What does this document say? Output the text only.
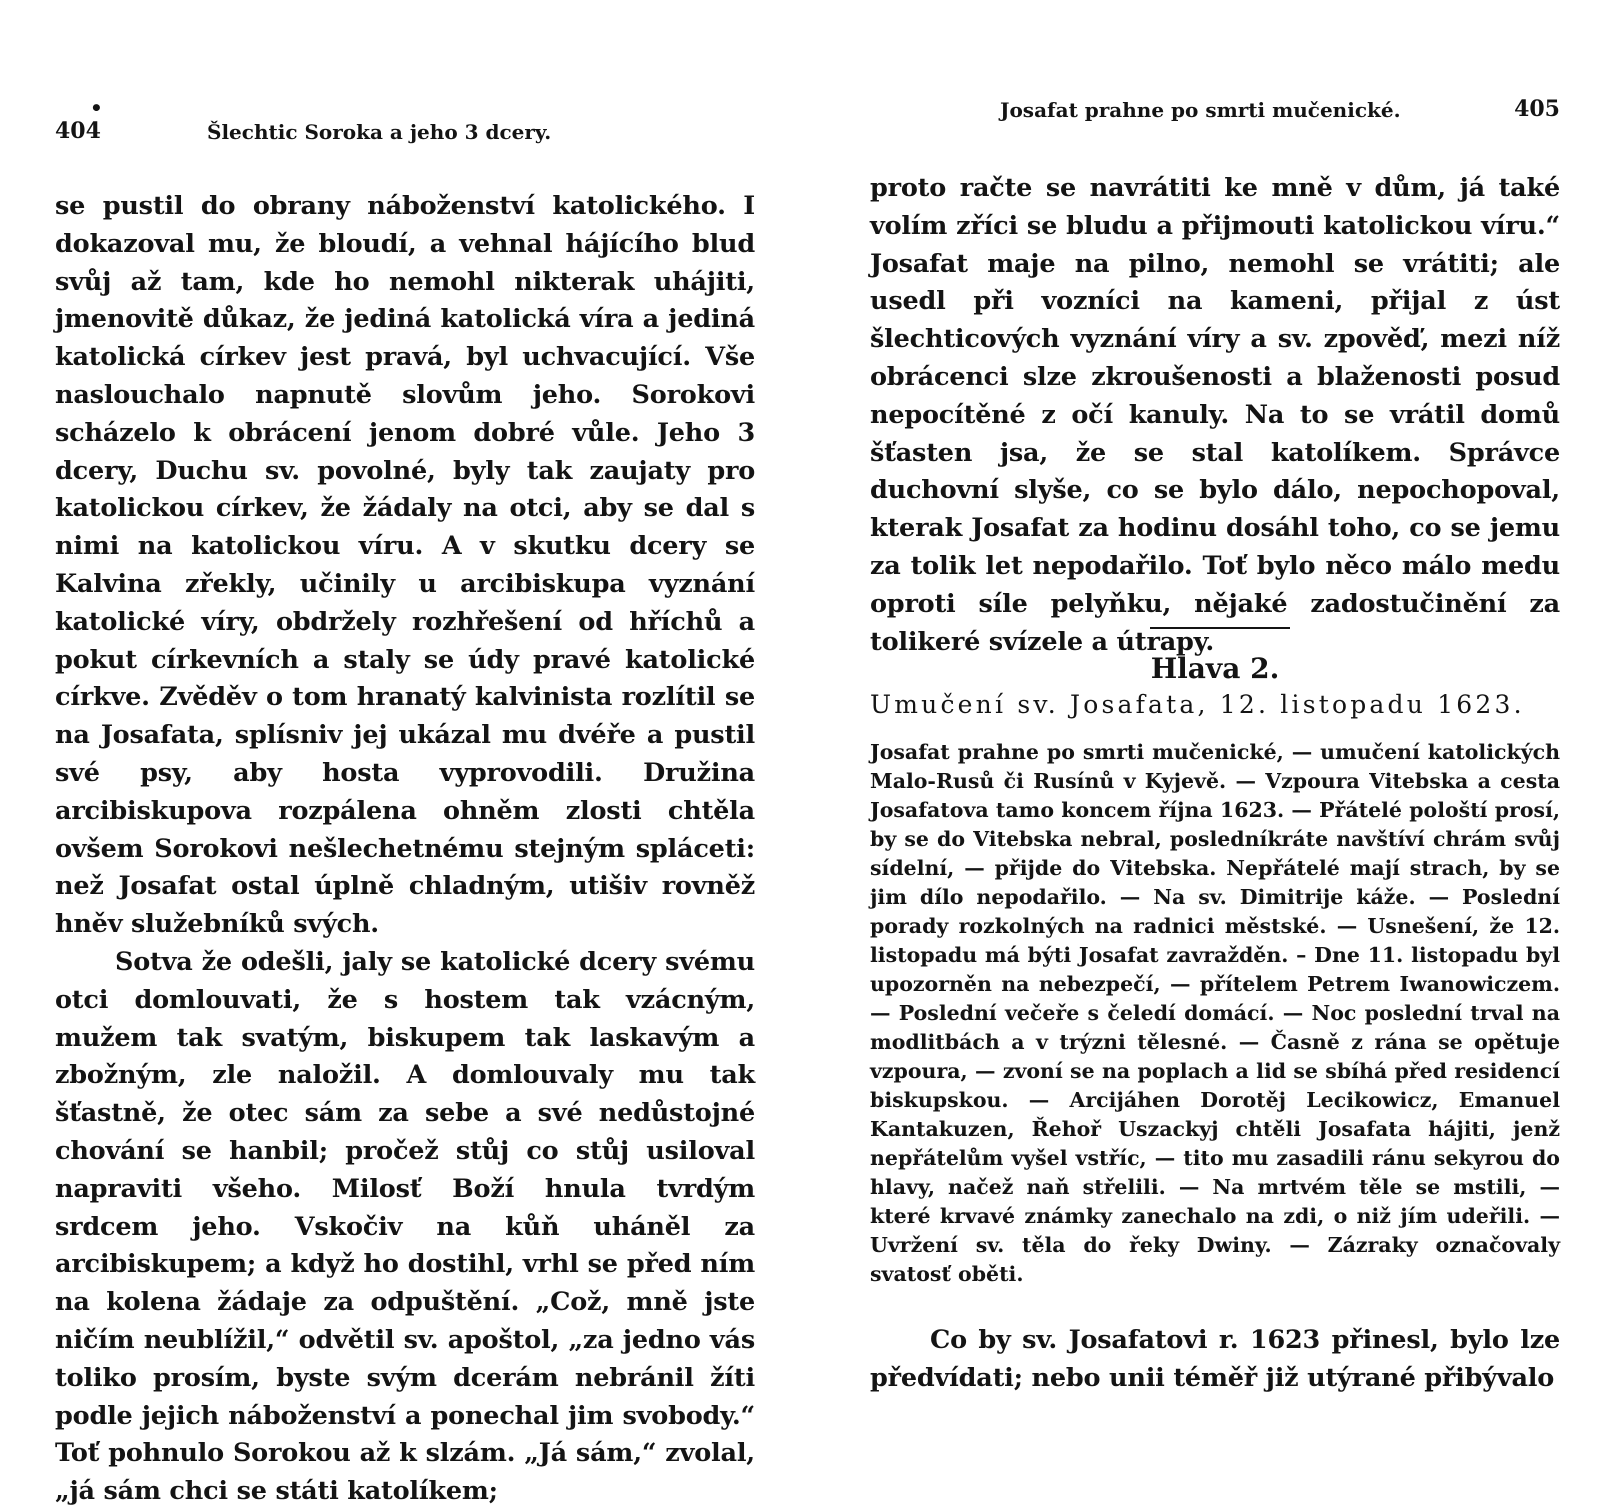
•
404	Šlechtic Soroka a jeho 3 dcery.

se pustil do obrany náboženství katolického. I dokazoval mu, že bloudí, a vehnal hájícího blud svůj až tam, kde ho nemohl nikterak uhájiti, jmenovitě důkaz, že jediná katolická víra a jediná katolická církev jest pravá, byl uchvacující. Vše naslouchalo napnutě slovům jeho. Sorokovi scházelo k obrácení jenom dobré vůle. Jeho 3 dcery, Duchu sv. povolné, byly tak zaujaty pro katolickou církev, že žádaly na otci, aby se dal s nimi na katolickou víru. A v skutku dcery se Kalvina zřekly, učinily u arcibiskupa vyznání katolické víry, obdržely rozhřešení od hříchů a pokut církevních a staly se údy pravé katolické církve. Zvěděv o tom hranatý kalvinista rozlítil se na Josafata, splísniv jej ukázal mu dvéře a pustil své psy, aby hosta vyprovodili. Družina arcibiskupova rozpálena ohněm zlosti chtěla ovšem Sorokovi nešlechetnému stejným spláceti: než Josafat ostal úplně chladným, utišiv rovněž hněv služebníků svých.

Sotva že odešli, jaly se katolické dcery svému otci domlouvati, že s hostem tak vzácným, mužem tak svatým, biskupem tak laskavým a zbožným, zle naložil. A domlouvaly mu tak šťastně, že otec sám za sebe a své nedůstojné chování se hanbil; pročež stůj co stůj usiloval napraviti všeho. Milosť Boží hnula tvrdým srdcem jeho. Vskočiv na kůň uháněl za arcibiskupem; a když ho dostihl, vrhl se před ním na kolena žádaje za odpuštění. „Což, mně jste ničím neublížil,“ odvětil sv. apoštol, „za jedno vás toliko prosím, byste svým dcerám nebránil žíti podle jejich náboženství a ponechal jim svobody.“ Toť pohnulo Sorokou až k slzám. „Já sám,“ zvolal, „já sám chci se státi katolíkem;

Josafat prahne po smrti mučenické.	405

proto račte se navrátiti ke mně v dům, já také volím zříci se bludu a přijmouti katolickou víru.“ Josafat maje na pilno, nemohl se vrátiti; ale usedl při vozníci na kameni, přijal z úst šlechticových vyznání víry a sv. zpověď, mezi níž obrácenci slze zkroušenosti a blaženosti posud nepocítěné z očí kanuly. Na to se vrátil domů šťasten jsa, že se stal katolíkem. Správce duchovní slyše, co se bylo dálo, nepochopoval, kterak Josafat za hodinu dosáhl toho, co se jemu za tolik let nepodařilo. Toť bylo něco málo medu oproti síle pelyňku, nějaké zadostučinění za tolikeré svízele a útrapy.

Hlava 2.
Umučení sv. Josafata, 12. listopadu 1623.

Josafat prahne po smrti mučenické, — umučení katolických Malo-Rusů či Rusínů v Kyjevě. — Vzpoura Vitebska a cesta Josafatova tamo koncem října 1623. — Přátelé poloští prosí, by se do Vitebska nebral, posledníkráte navštíví chrám svůj sídelní, — přijde do Vitebska. Nepřátelé mají strach, by se jim dílo nepodařilo. — Na sv. Dimitrije káže. — Poslední porady rozkolných na radnici městské. — Usnešení, že 12. listopadu má býti Josafat zavražděn. – Dne 11. listopadu byl upozorněn na nebezpečí, — přítelem Petrem Iwanowiczem. — Poslední večeře s čeledí domácí. — Noc poslední trval na modlitbách a v trýzni tělesné. — Časně z rána se opětuje vzpoura, — zvoní se na poplach a lid se sbíhá před residencí biskupskou. — Arcijáhen Dorotěj Lecikowicz, Emanuel Kantakuzen, Řehoř Uszackyj chtěli Josafata hájiti, jenž nepřátelům vyšel vstříc, — tito mu zasadili ránu sekyrou do hlavy, načež naň střelili. — Na mrtvém těle se mstili, — které krvavé známky zanechalo na zdi, o niž jím udeřili. — Uvržení sv. těla do řeky Dwiny. — Zázraky označovaly svatosť oběti.

Co by sv. Josafatovi r. 1623 přinesl, bylo lze předvídati; nebo unii téměř již utýrané přibývalo
